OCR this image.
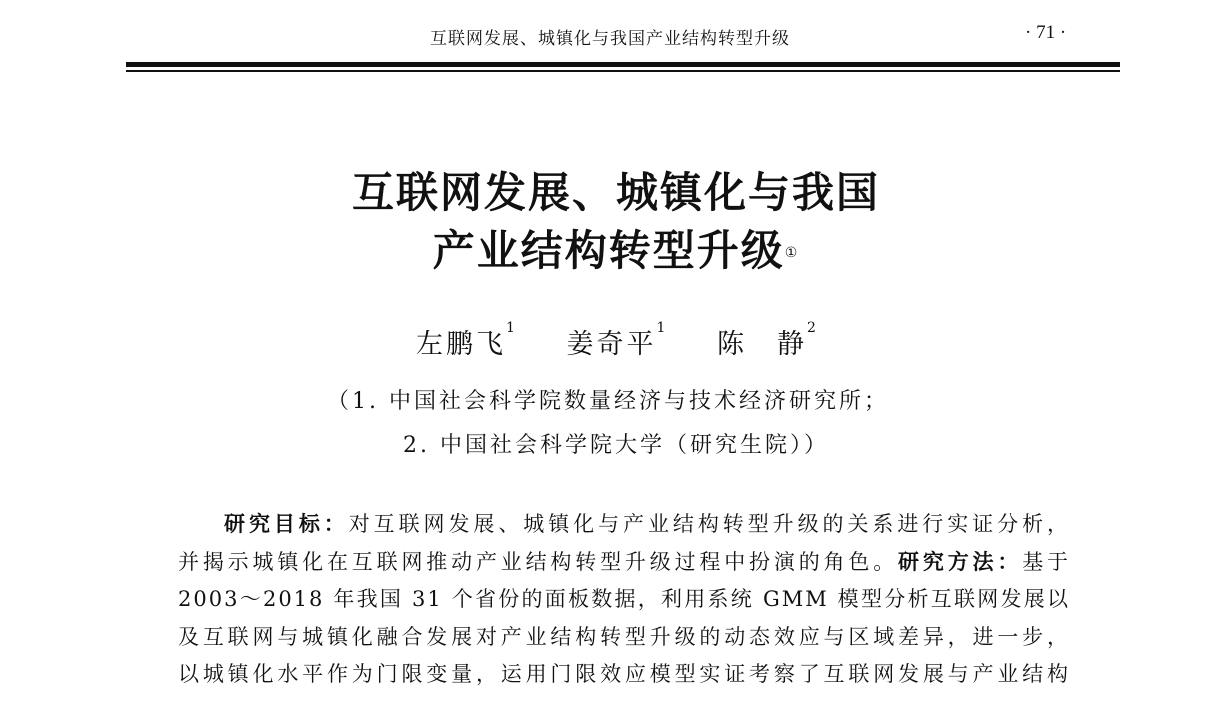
互联网发展、城镇化与我国产业结构转型升级	· 71 ·
互联网发展、城镇化与我国
产业结构转型升级①
左鹏飞$^1$ 姜奇平$^1$ 陈　静$^2$
（1. 中国社会科学院数量经济与技术经济研究所；
2. 中国社会科学院大学（研究生院））
研究目标：对互联网发展、城镇化与产业结构转型升级的关系进行实证分析，
并揭示城镇化在互联网推动产业结构转型升级过程中扮演的角色。研究方法：基于
2003～2018 年我国 31 个省份的面板数据，利用系统 GMM 模型分析互联网发展以
及互联网与城镇化融合发展对产业结构转型升级的动态效应与区域差异，进一步，
以城镇化水平作为门限变量，运用门限效应模型实证考察了互联网发展与产业结构
